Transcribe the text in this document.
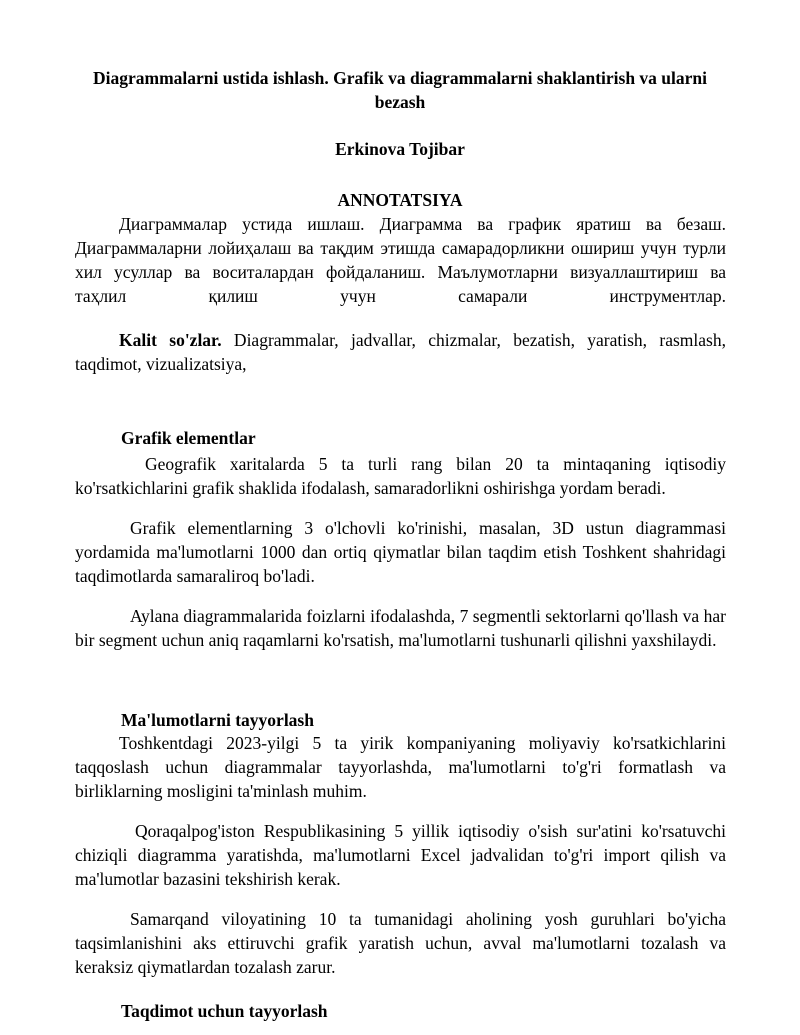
Diagrammalarni ustida ishlash. Grafik va diagrammalarni shaklantirish va ularni bezash

Erkinova Tojibar

ANNOTATSIYA

Диаграммалар устида ишлаш. Диаграмма ва график яратиш ва безаш. Диаграммаларни лойиҳалаш ва тақдим этишда самарадорликни ошириш учун турли хил усуллар ва воситалардан фойдаланиш. Маълумотларни визуаллаштириш ва таҳлил қилиш учун самарали инструментлар.

Kalit so'zlar. Diagrammalar, jadvallar, chizmalar, bezatish, yaratish, rasmlash, taqdimot, vizualizatsiya,

Grafik elementlar

Geografik xaritalarda 5 ta turli rang bilan 20 ta mintaqaning iqtisodiy ko'rsatkichlarini grafik shaklida ifodalash, samaradorlikni oshirishga yordam beradi.

Grafik elementlarning 3 o'lchovli ko'rinishi, masalan, 3D ustun diagrammasi yordamida ma'lumotlarni 1000 dan ortiq qiymatlar bilan taqdim etish Toshkent shahridagi taqdimotlarda samaraliroq bo'ladi.

Aylana diagrammalarida foizlarni ifodalashda, 7 segmentli sektorlarni qo'llash va har bir segment uchun aniq raqamlarni ko'rsatish, ma'lumotlarni tushunarli qilishni yaxshilaydi.

Ma'lumotlarni tayyorlash

Toshkentdagi 2023-yilgi 5 ta yirik kompaniyaning moliyaviy ko'rsatkichlarini taqqoslash uchun diagrammalar tayyorlashda, ma'lumotlarni to'g'ri formatlash va birliklarning mosligini ta'minlash muhim.

Qoraqalpog'iston Respublikasining 5 yillik iqtisodiy o'sish sur'atini ko'rsatuvchi chiziqli diagramma yaratishda, ma'lumotlarni Excel jadvalidan to'g'ri import qilish va ma'lumotlar bazasini tekshirish kerak.

Samarqand viloyatining 10 ta tumanidagi aholining yosh guruhlari bo'yicha taqsimlanishini aks ettiruvchi grafik yaratish uchun, avval ma'lumotlarni tozalash va keraksiz qiymatlardan tozalash zarur.

Taqdimot uchun tayyorlash
